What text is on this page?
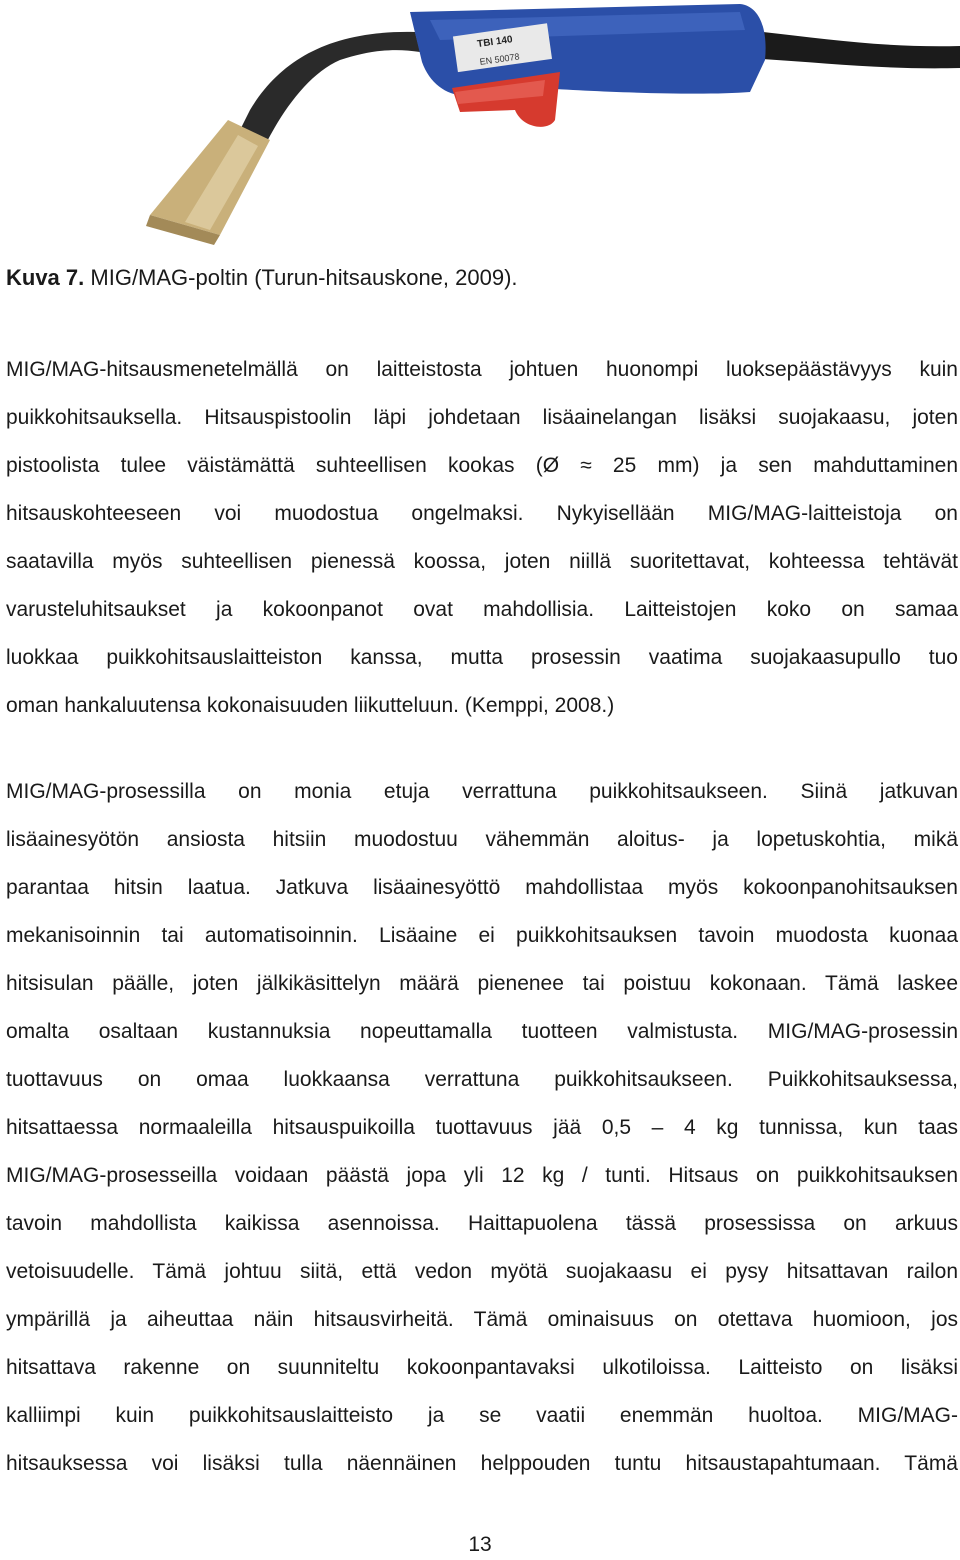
TBI 140
EN 50078
Kuva 7. MIG/MAG-poltin (Turun-hitsauskone, 2009).
MIG/MAG-hitsausmenetelmällä on laitteistosta johtuen huonompi luoksepäästävyys kuin
puikkohitsauksella. Hitsauspistoolin läpi johdetaan lisäainelangan lisäksi suojakaasu, joten
pistoolista tulee väistämättä suhteellisen kookas (Ø ≈ 25 mm) ja sen mahduttaminen
hitsauskohteeseen voi muodostua ongelmaksi. Nykyisellään MIG/MAG-laitteistoja on
saatavilla myös suhteellisen pienessä koossa, joten niillä suoritettavat, kohteessa tehtävät
varusteluhitsaukset ja kokoonpanot ovat mahdollisia. Laitteistojen koko on samaa
luokkaa puikkohitsauslaitteiston kanssa, mutta prosessin vaatima suojakaasupullo tuo
oman hankaluutensa kokonaisuuden liikutteluun. (Kemppi, 2008.)
MIG/MAG-prosessilla on monia etuja verrattuna puikkohitsaukseen. Siinä jatkuvan
lisäainesyötön ansiosta hitsiin muodostuu vähemmän aloitus- ja lopetuskohtia, mikä
parantaa hitsin laatua. Jatkuva lisäainesyöttö mahdollistaa myös kokoonpanohitsauksen
mekanisoinnin tai automatisoinnin. Lisäaine ei puikkohitsauksen tavoin muodosta kuonaa
hitsisulan päälle, joten jälkikäsittelyn määrä pienenee tai poistuu kokonaan. Tämä laskee
omalta osaltaan kustannuksia nopeuttamalla tuotteen valmistusta. MIG/MAG-prosessin
tuottavuus on omaa luokkaansa verrattuna puikkohitsaukseen. Puikkohitsauksessa,
hitsattaessa normaaleilla hitsauspuikoilla tuottavuus jää 0,5 – 4 kg tunnissa, kun taas
MIG/MAG-prosesseilla voidaan päästä jopa yli 12 kg / tunti. Hitsaus on puikkohitsauksen
tavoin mahdollista kaikissa asennoissa. Haittapuolena tässä prosessissa on arkuus
vetoisuudelle. Tämä johtuu siitä, että vedon myötä suojakaasu ei pysy hitsattavan railon
ympärillä ja aiheuttaa näin hitsausvirheitä. Tämä ominaisuus on otettava huomioon, jos
hitsattava rakenne on suunniteltu kokoonpantavaksi ulkotiloissa. Laitteisto on lisäksi
kalliimpi kuin puikkohitsauslaitteisto ja se vaatii enemmän huoltoa. MIG/MAG-
hitsauksessa voi lisäksi tulla näennäinen helppouden tuntu hitsaustapahtumaan. Tämä
13
